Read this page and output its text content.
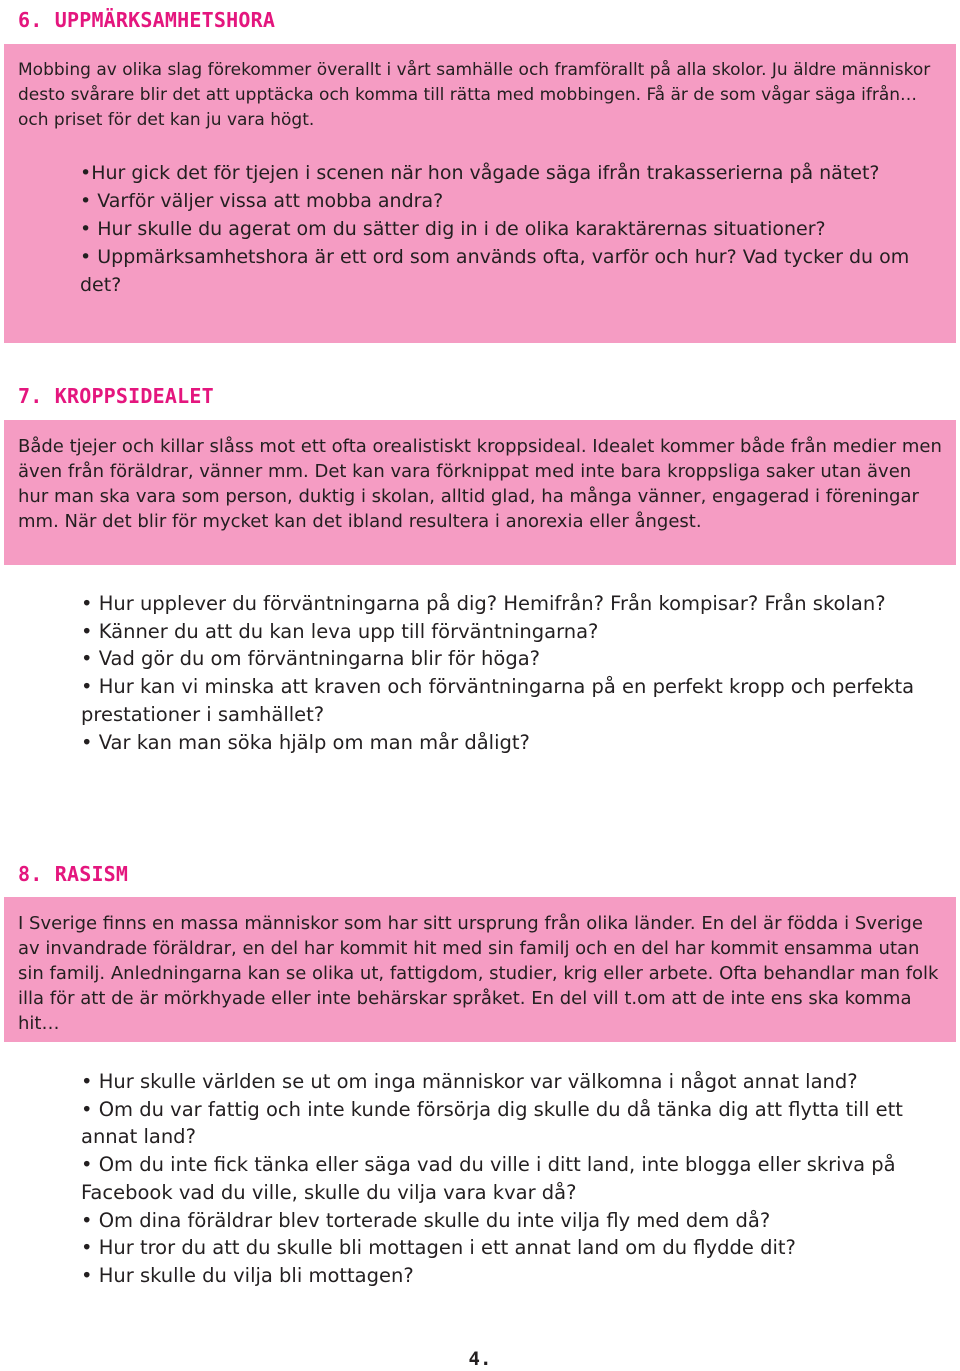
6. UPPMÄRKSAMHETSHORA

Mobbing av olika slag förekommer överallt i vårt samhälle och framförallt på alla skolor. Ju äldre människor desto svårare blir det att upptäcka och komma till rätta med mobbingen. Få är de som vågar säga ifrån… och priset för det kan ju vara högt.

•Hur gick det för tjejen i scenen när hon vågade säga ifrån trakasserierna på nätet?
• Varför väljer vissa att mobba andra?
• Hur skulle du agerat om du sätter dig in i de olika karaktärernas situationer?
• Uppmärksamhetshora är ett ord som används ofta, varför och hur? Vad tycker du om det?
7. KROPPSIDEALET

Både tjejer och killar slåss mot ett ofta orealistiskt kroppsideal. Idealet kommer både från medier men även från föräldrar, vänner mm. Det kan vara förknippat med inte bara kroppsliga saker utan även hur man ska vara som person, duktig i skolan, alltid glad, ha många vänner, engagerad i föreningar mm. När det blir för mycket kan det ibland resultera i anorexia eller ångest.

• Hur upplever du förväntningarna på dig? Hemifrån? Från kompisar? Från skolan?
• Känner du att du kan leva upp till förväntningarna?
• Vad gör du om förväntningarna blir för höga?
• Hur kan vi minska att kraven och förväntningarna på en perfekt kropp och perfekta prestationer i samhället?
• Var kan man söka hjälp om man mår dåligt?
8. RASISM

I Sverige finns en massa människor som har sitt ursprung från olika länder. En del är födda i Sverige av invandrade föräldrar, en del har kommit hit med sin familj och en del har kommit ensamma utan sin familj. Anledningarna kan se olika ut, fattigdom, studier, krig eller arbete. Ofta behandlar man folk illa för att de är mörkhyade eller inte behärskar språket. En del vill t.om att de inte ens ska komma hit…

• Hur skulle världen se ut om inga människor var välkomna i något annat land?
• Om du var fattig och inte kunde försörja dig skulle du då tänka dig att flytta till ett annat land?
• Om du inte fick tänka eller säga vad du ville i ditt land, inte blogga eller skriva på Facebook vad du ville, skulle du vilja vara kvar då?
• Om dina föräldrar blev torterade skulle du inte vilja fly med dem då?
• Hur tror du att du skulle bli mottagen i ett annat land om du flydde dit?
• Hur skulle du vilja bli mottagen?

4.
